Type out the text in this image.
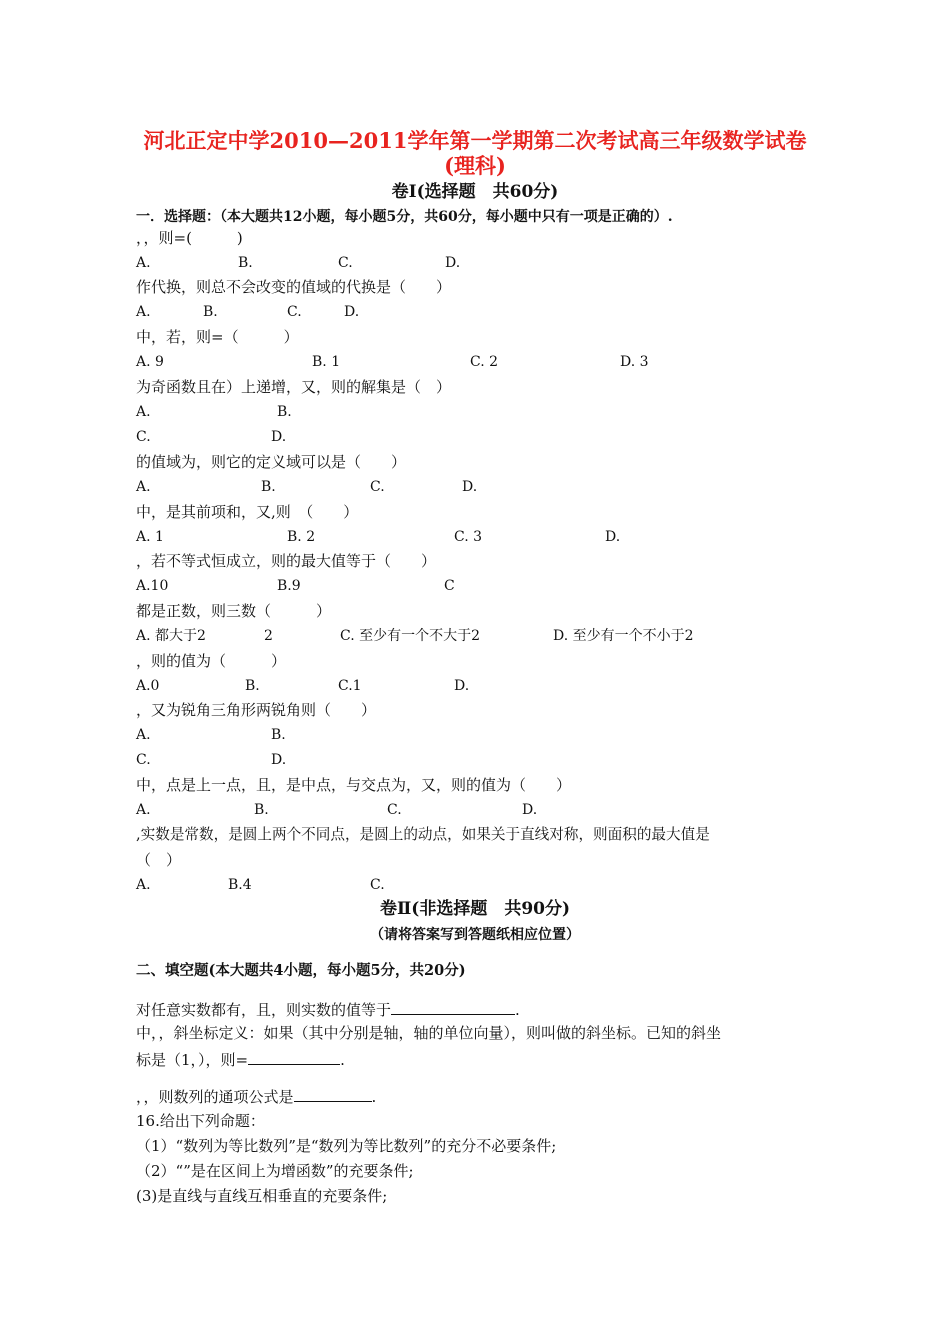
河北正定中学2010—2011学年第一学期第二次考试高三年级数学试卷
(理科)
卷Ⅰ(选择题　共60分)
一．选择题：（本大题共12小题，每小题5分，共60分，每小题中只有一项是正确的）.
，，则=(　　　)
A.	B.	C.	D.
作代换，则总不会改变的值域的代换是（　　）
A.	B.	C.	D.
中，若，则=（　　　）
A. 9	B. 1	C. 2	D. 3
为奇函数且在）上递增，又，则的解集是（　）
A.	B.
C.	D.
的值域为，则它的定义域可以是（　　）
A.	B.	C.	D.
中，是其前项和，又,则　（　　）
A. 1	B. 2	C. 3	D.
，若不等式恒成立，则的最大值等于（　　）
A.10	B.9	C
都是正数，则三数（　　　）
A. 都大于2	2	C. 至少有一个不大于2	D. 至少有一个不小于2
，则的值为（　　　）
A.0	B.	C.1	D.
，又为锐角三角形两锐角则（　　）
A.	B.
C.	D.
中，点是上一点，且，是中点，与交点为，又，则的值为（　　）
A.	B.	C.	D.
,实数是常数，是圆上两个不同点，是圆上的动点，如果关于直线对称，则面积的最大值是
（　）
A.	B.4	C.
卷Ⅱ(非选择题　共90分)
（请将答案写到答题纸相应位置）
二、填空题(本大题共4小题，每小题5分，共20分)
对任意实数都有，且，则实数的值等于	.
中，，斜坐标定义：如果（其中分别是轴，轴的单位向量），则叫做的斜坐标。已知的斜坐
标是（1，），则=	.
，，则数列的通项公式是	.
16.给出下列命题：
（1）“数列为等比数列”是“数列为等比数列”的充分不必要条件;
（2）“”是在区间上为增函数”的充要条件;
(3)是直线与直线互相垂直的充要条件;
